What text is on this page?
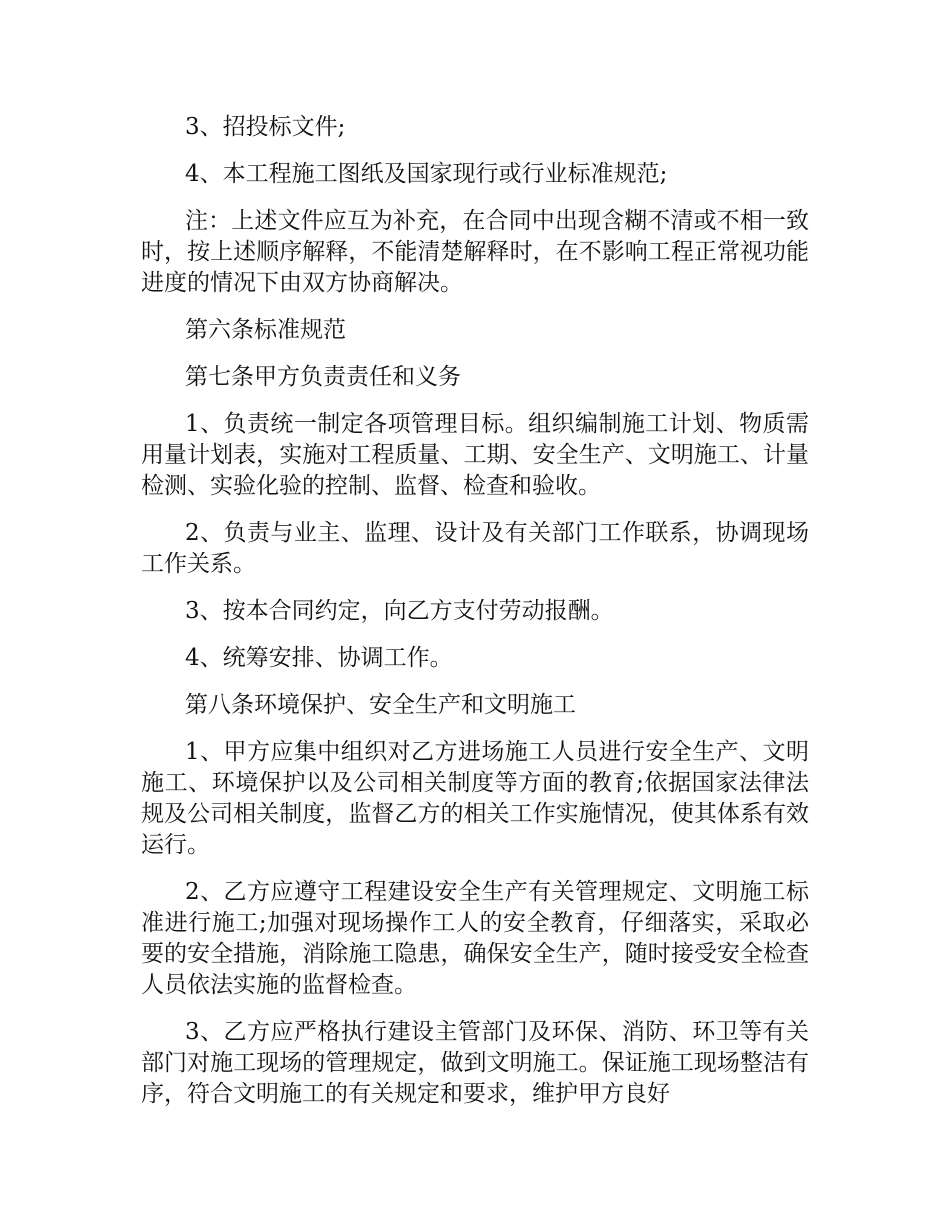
3、招投标文件;

4、本工程施工图纸及国家现行或行业标准规范;

注：上述文件应互为补充，在合同中出现含糊不清或不相一致时，按上述顺序解释，不能清楚解释时，在不影响工程正常视功能进度的情况下由双方协商解决。

第六条标准规范

第七条甲方负责责任和义务

1、负责统一制定各项管理目标。组织编制施工计划、物质需用量计划表，实施对工程质量、工期、安全生产、文明施工、计量检测、实验化验的控制、监督、检查和验收。

2、负责与业主、监理、设计及有关部门工作联系，协调现场工作关系。

3、按本合同约定，向乙方支付劳动报酬。

4、统筹安排、协调工作。

第八条环境保护、安全生产和文明施工

1、甲方应集中组织对乙方进场施工人员进行安全生产、文明施工、环境保护以及公司相关制度等方面的教育;依据国家法律法规及公司相关制度，监督乙方的相关工作实施情况，使其体系有效运行。

2、乙方应遵守工程建设安全生产有关管理规定、文明施工标准进行施工;加强对现场操作工人的安全教育，仔细落实，采取必要的安全措施，消除施工隐患，确保安全生产，随时接受安全检查人员依法实施的监督检查。

3、乙方应严格执行建设主管部门及环保、消防、环卫等有关部门对施工现场的管理规定，做到文明施工。保证施工现场整洁有序，符合文明施工的有关规定和要求，维护甲方良好
